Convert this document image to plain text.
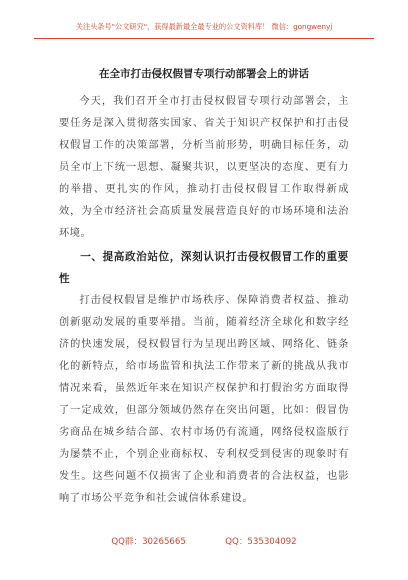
关注头条号"公文研究"，获得最新最全最专业的公文资料库！ 微信：gongwenyj
在全市打击侵权假冒专项行动部署会上的讲话
今天，我们召开全市打击侵权假冒专项行动部署会，主要任务是深入贯彻落实国家、省关于知识产权保护和打击侵权假冒工作的决策部署，分析当前形势，明确目标任务，动员全市上下统一思想、凝聚共识，以更坚决的态度、更有力的举措、更扎实的作风，推动打击侵权假冒工作取得新成效，为全市经济社会高质量发展营造良好的市场环境和法治环境。
一、提高政治站位，深刻认识打击侵权假冒工作的重要性
打击侵权假冒是维护市场秩序、保障消费者权益、推动创新驱动发展的重要举措。当前，随着经济全球化和数字经济的快速发展，侵权假冒行为呈现出跨区域、网络化、链条化的新特点，给市场监管和执法工作带来了新的挑战从我市情况来看，虽然近年来在知识产权保护和打假治劣方面取得了一定成效，但部分领域仍然存在突出问题，比如：假冒伪劣商品在城乡结合部、农村市场仍有流通，网络侵权盗版行为屡禁不止，个别企业商标权、专利权受到侵害的现象时有发生。这些问题不仅损害了企业和消费者的合法权益，也影响了市场公平竞争和社会诚信体系建设。
QQ群：30265665	QQ：535304092
